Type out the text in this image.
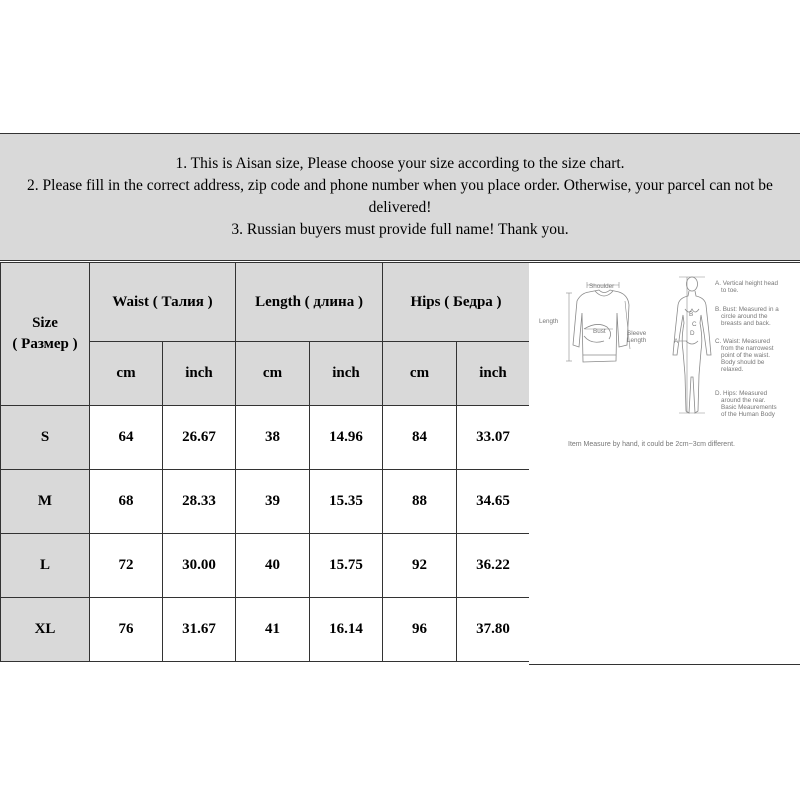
1. This is Aisan size, Please choose your size according to the size chart.

2. Please fill in the correct address, zip code and phone number when you place order. Otherwise, your parcel can not be delivered!

3. Russian buyers must provide full name! Thank you.

Size
( Размер )	Waist ( Талия )		Length ( длина )		Hips ( Бедра )	
	cm	inch	cm	inch	cm	inch
S	64	26.67	38	14.96	84	33.07
M	68	28.33	39	15.35	88	34.65
L	72	30.00	40	15.75	92	36.22
XL	76	31.67	41	16.14	96	37.80
Shoulder
Length
Bust	Sleeve
Length
B
C
D
A
A. Vertical height head
to toe.
B. Bust: Measured in a
circle around the
breasts and back.
C. Waist: Measured
from the narrowest
point of the waist.
Body should be
relaxed.
D. Hips: Measured
around the rear.
Basic Meaurements
of the Human Body
Item Measure by hand, it could be 2cm~3cm different.
